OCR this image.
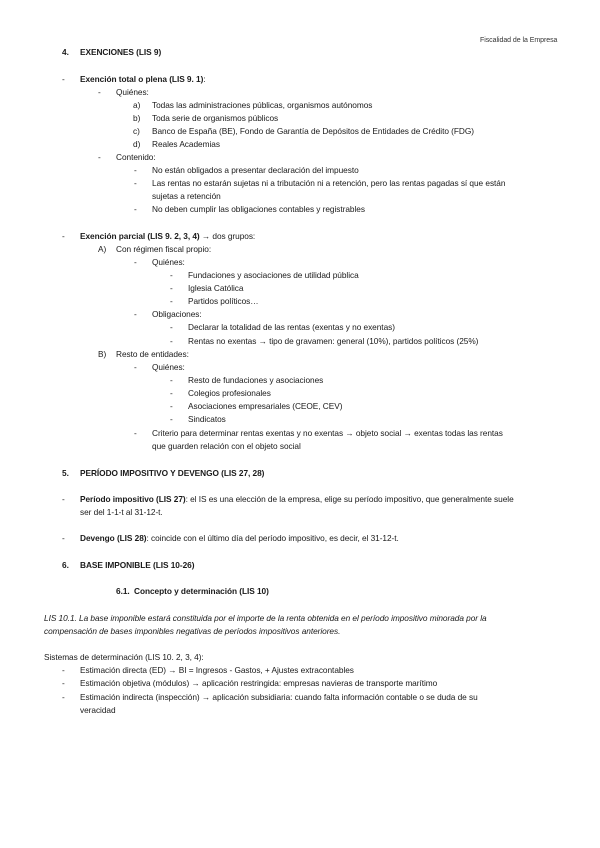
Fiscalidad de la Empresa
4. EXENCIONES (LIS 9)
- Exención total o plena (LIS 9. 1):
- Quiénes:
a) Todas las administraciones públicas, organismos autónomos
b) Toda serie de organismos públicos
c) Banco de España (BE), Fondo de Garantía de Depósitos de Entidades de Crédito (FDG)
d) Reales Academias
- Contenido:
- No están obligados a presentar declaración del impuesto
- Las rentas no estarán sujetas ni a tributación ni a retención, pero las rentas pagadas sí que están
sujetas a retención
- No deben cumplir las obligaciones contables y registrables
- Exención parcial (LIS 9. 2, 3, 4) → dos grupos:
A) Con régimen fiscal propio:
- Quiénes:
- Fundaciones y asociaciones de utilidad pública
- Iglesia Católica
- Partidos políticos…
- Obligaciones:
- Declarar la totalidad de las rentas (exentas y no exentas)
- Rentas no exentas → tipo de gravamen: general (10%), partidos políticos (25%)
B) Resto de entidades:
- Quiénes:
- Resto de fundaciones y asociaciones
- Colegios profesionales
- Asociaciones empresariales (CEOE, CEV)
- Sindicatos
- Criterio para determinar rentas exentas y no exentas → objeto social → exentas todas las rentas
que guarden relación con el objeto social
5. PERÍODO IMPOSITIVO Y DEVENGO (LIS 27, 28)
- Período impositivo (LIS 27): el IS es una elección de la empresa, elige su período impositivo, que generalmente suele
ser del 1-1-t al 31-12-t.
- Devengo (LIS 28): coincide con el último día del período impositivo, es decir, el 31-12-t.
6. BASE IMPONIBLE (LIS 10-26)
6.1. Concepto y determinación (LIS 10)
LIS 10.1. La base imponible estará constituida por el importe de la renta obtenida en el período impositivo minorada por la
compensación de bases imponibles negativas de períodos impositivos anteriores.
Sistemas de determinación (LIS 10. 2, 3, 4):
- Estimación directa (ED) → BI = Ingresos - Gastos, + Ajustes extracontables
- Estimación objetiva (módulos) → aplicación restringida: empresas navieras de transporte marítimo
- Estimación indirecta (inspección) → aplicación subsidiaria: cuando falta información contable o se duda de su
veracidad
